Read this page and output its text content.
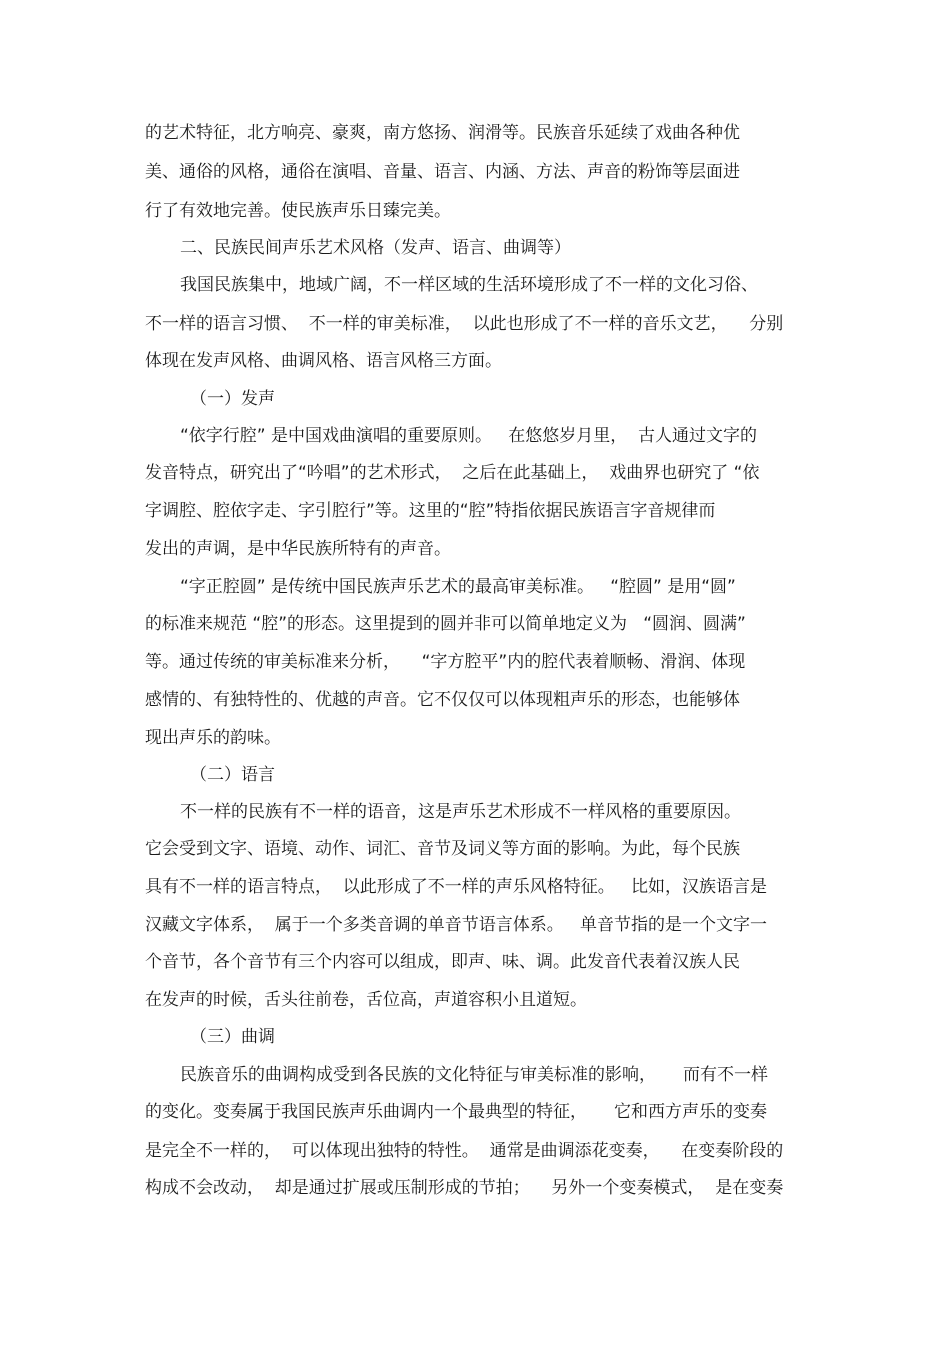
的艺术特征，北方响亮、豪爽，南方悠扬、润滑等。民族音乐延续了戏曲各种优
美、通俗的风格，通俗在演唱、音量、语言、内涵、方法、声音的粉饰等层面进
行了有效地完善。使民族声乐日臻完美。
二、民族民间声乐艺术风格（发声、语言、曲调等）
我国民族集中，地域广阔，不一样区域的生活环境形成了不一样的文化习俗、
不一样的语言习惯、  不一样的审美标准，  以此也形成了不一样的音乐文艺，    分别
体现在发声风格、曲调风格、语言风格三方面。
（一）发声
“依字行腔” 是中国戏曲演唱的重要原则。   在悠悠岁月里，  古人通过文字的
发音特点，研究出了“吟唱”的艺术形式，  之后在此基础上，  戏曲界也研究了 “依
字调腔、腔依字走、字引腔行”等。这里的“腔”特指依据民族语言字音规律而
发出的声调，是中华民族所特有的声音。
“字正腔圆” 是传统中国民族声乐艺术的最高审美标准。   “腔圆” 是用“圆”
的标准来规范 “腔”的形态。这里提到的圆并非可以简单地定义为   “圆润、圆满”
等。通过传统的审美标准来分析，    “字方腔平”内的腔代表着顺畅、滑润、体现
感情的、有独特性的、优越的声音。它不仅仅可以体现粗声乐的形态，也能够体
现出声乐的韵味。
（二）语言
不一样的民族有不一样的语音，这是声乐艺术形成不一样风格的重要原因。
它会受到文字、语境、动作、词汇、音节及词义等方面的影响。为此，每个民族
具有不一样的语言特点，  以此形成了不一样的声乐风格特征。   比如，汉族语言是
汉藏文字体系，  属于一个多类音调的单音节语言体系。   单音节指的是一个文字一
个音节，各个音节有三个内容可以组成，即声、味、调。此发音代表着汉族人民
在发声的时候，舌头往前卷，舌位高，声道容积小且道短。
（三）曲调
民族音乐的曲调构成受到各民族的文化特征与审美标准的影响，     而有不一样
的变化。变奏属于我国民族声乐曲调内一个最典型的特征，     它和西方声乐的变奏
是完全不一样的，  可以体现出独特的特性。  通常是曲调添花变奏，    在变奏阶段的
构成不会改动，  却是通过扩展或压制形成的节拍；    另外一个变奏模式，  是在变奏
